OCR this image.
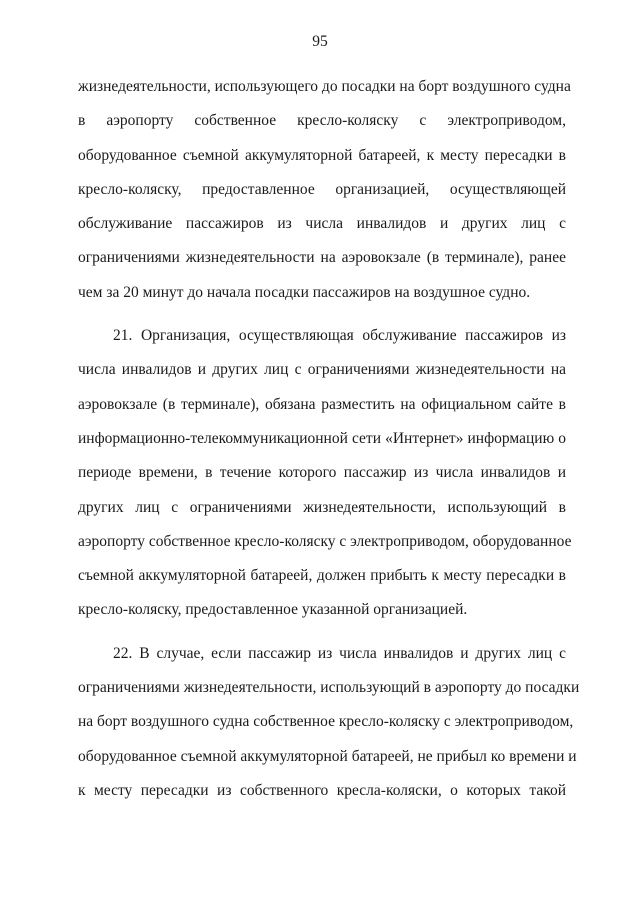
95
жизнедеятельности, использующего до посадки на борт воздушного судна
в аэропорту собственное кресло-коляску с электроприводом,
оборудованное съемной аккумуляторной батареей, к месту пересадки в
кресло-коляску, предоставленное организацией, осуществляющей
обслуживание пассажиров из числа инвалидов и других лиц с
ограничениями жизнедеятельности на аэровокзале (в терминале), ранее
чем за 20 минут до начала посадки пассажиров на воздушное судно.
21. Организация, осуществляющая обслуживание пассажиров из
числа инвалидов и других лиц с ограничениями жизнедеятельности на
аэровокзале (в терминале), обязана разместить на официальном сайте в
информационно-телекоммуникационной сети «Интернет» информацию о
периоде времени, в течение которого пассажир из числа инвалидов и
других лиц с ограничениями жизнедеятельности, использующий в
аэропорту собственное кресло-коляску с электроприводом, оборудованное
съемной аккумуляторной батареей, должен прибыть к месту пересадки в
кресло-коляску, предоставленное указанной организацией.
22. В случае, если пассажир из числа инвалидов и других лиц с
ограничениями жизнедеятельности, использующий в аэропорту до посадки
на борт воздушного судна собственное кресло-коляску с электроприводом,
оборудованное съемной аккумуляторной батареей, не прибыл ко времени и
к месту пересадки из собственного кресла-коляски, о которых такой
